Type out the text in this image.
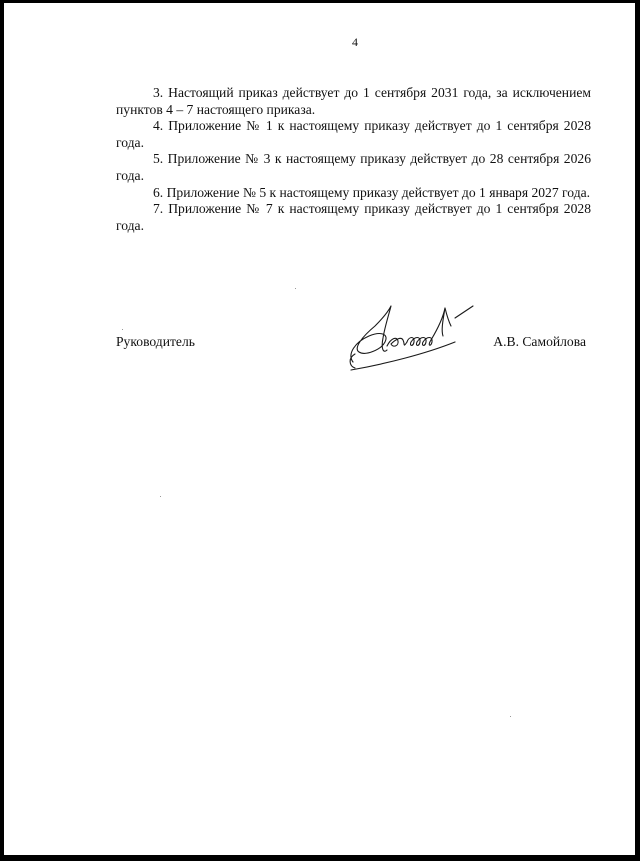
4

3. Настоящий приказ действует до 1 сентября 2031 года, за исключением пунктов 4 – 7 настоящего приказа.

4. Приложение № 1 к настоящему приказу действует до 1 сентября 2028 года.

5. Приложение № 3 к настоящему приказу действует до 28 сентября 2026 года.

6. Приложение № 5 к настоящему приказу действует до 1 января 2027 года.

7. Приложение № 7 к настоящему приказу действует до 1 сентября 2028 года.

Руководитель	А.В. Самойлова
